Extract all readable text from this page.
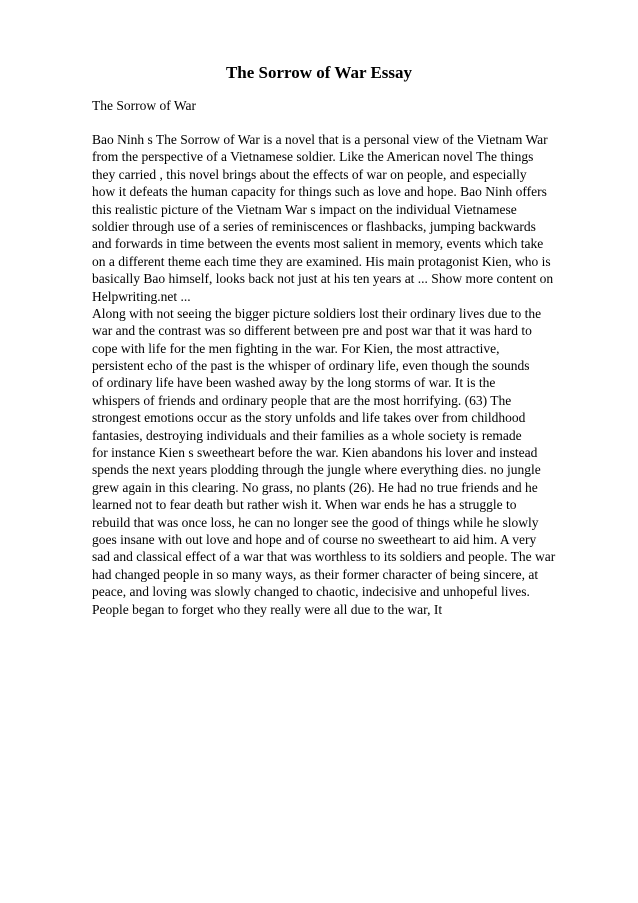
The Sorrow of War Essay
The Sorrow of War
Bao Ninh s The Sorrow of War is a novel that is a personal view of the Vietnam War
from the perspective of a Vietnamese soldier. Like the American novel The things
they carried , this novel brings about the effects of war on people, and especially
how it defeats the human capacity for things such as love and hope. Bao Ninh offers
this realistic picture of the Vietnam War s impact on the individual Vietnamese
soldier through use of a series of reminiscences or flashbacks, jumping backwards
and forwards in time between the events most salient in memory, events which take
on a different theme each time they are examined. His main protagonist Kien, who is
basically Bao himself, looks back not just at his ten years at ... Show more content on
Helpwriting.net ...
Along with not seeing the bigger picture soldiers lost their ordinary lives due to the
war and the contrast was so different between pre and post war that it was hard to
cope with life for the men fighting in the war. For Kien, the most attractive,
persistent echo of the past is the whisper of ordinary life, even though the sounds
of ordinary life have been washed away by the long storms of war. It is the
whispers of friends and ordinary people that are the most horrifying. (63) The
strongest emotions occur as the story unfolds and life takes over from childhood
fantasies, destroying individuals and their families as a whole society is remade
for instance Kien s sweetheart before the war. Kien abandons his lover and instead
spends the next years plodding through the jungle where everything dies. no jungle
grew again in this clearing. No grass, no plants (26). He had no true friends and he
learned not to fear death but rather wish it. When war ends he has a struggle to
rebuild that was once loss, he can no longer see the good of things while he slowly
goes insane with out love and hope and of course no sweetheart to aid him. A very
sad and classical effect of a war that was worthless to its soldiers and people. The war
had changed people in so many ways, as their former character of being sincere, at
peace, and loving was slowly changed to chaotic, indecisive and unhopeful lives.
People began to forget who they really were all due to the war, It
